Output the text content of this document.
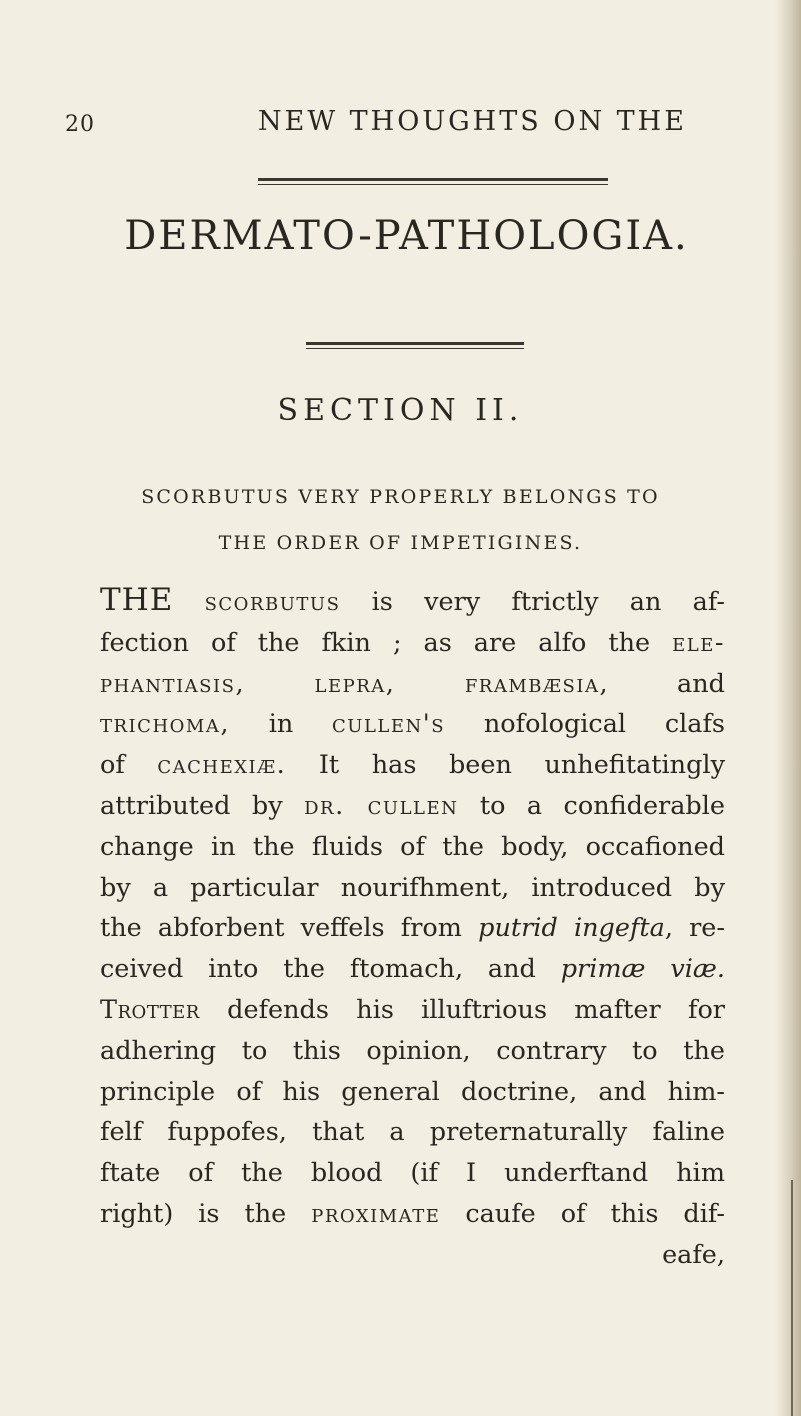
20	NEW THOUGHTS ON THE
DERMATO-PATHOLOGIA.
SECTION II.
SCORBUTUS VERY PROPERLY BELONGS TO
THE ORDER OF IMPETIGINES.
THE scorbutus is very ftrictly an af-
fection of the fkin ; as are alfo the ele-
phantiasis, lepra, frambæsia, and
trichoma, in cullen's nofological clafs
of cachexiæ. It has been unhefitatingly
attributed by dr. cullen to a confiderable
change in the fluids of the body, occafioned
by a particular nourifhment, introduced by
the abforbent veffels from putrid ingefta, re-
ceived into the ftomach, and primæ viæ.
Trotter defends his illuftrious mafter for
adhering to this opinion, contrary to the
principle of his general doctrine, and him-
felf fuppofes, that a preternaturally faline
ftate of the blood (if I underftand him
right) is the proximate caufe of this dif-
eafe,
